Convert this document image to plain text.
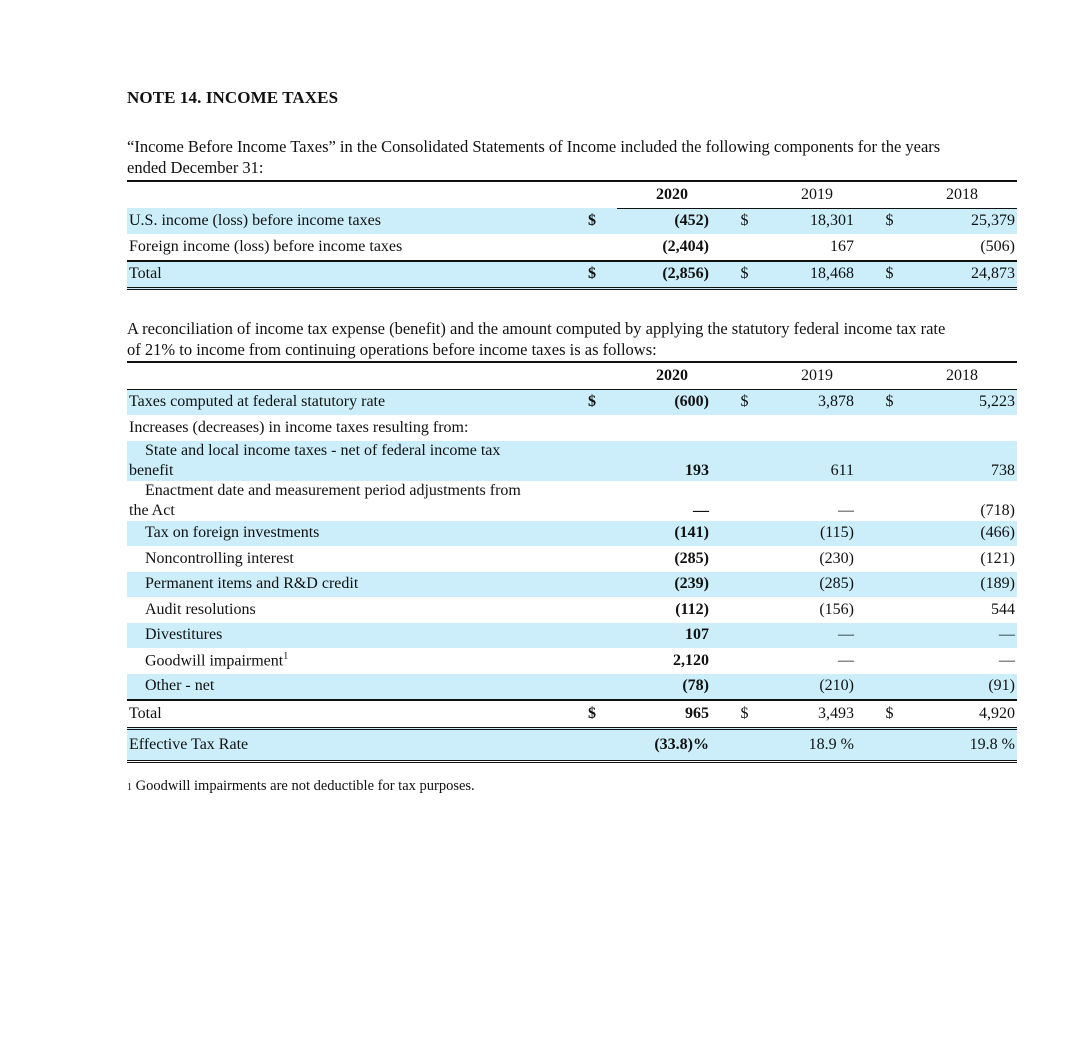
NOTE 14. INCOME TAXES
“Income Before Income Taxes” in the Consolidated Statements of Income included the following components for the years ended December 31:
		2020		2019		2018
U.S. income (loss) before income taxes	$	(452)	$	18,301	$	25,379
Foreign income (loss) before income taxes		(2,404)		167		(506)
Total	$	(2,856)	$	18,468	$	24,873
A reconciliation of income tax expense (benefit) and the amount computed by applying the statutory federal income tax rate of 21% to income from continuing operations before income taxes is as follows:
		2020		2019		2018
Taxes computed at federal statutory rate	$	(600)	$	3,878	$	5,223
Increases (decreases) in income taxes resulting from:						

State and local income taxes - net of federal income tax
benefit		193		611		738

Enactment date and measurement period adjustments from
the Act		—		—		(718)
Tax on foreign investments		(141)		(115)		(466)
Noncontrolling interest		(285)		(230)		(121)
Permanent items and R&D credit		(239)		(285)		(189)
Audit resolutions		(112)		(156)		544
Divestitures		107		—		—
Goodwill impairment$^1$		2,120		—		—
Other - net		(78)		(210)		(91)
Total	$	965	$	3,493	$	4,920
Effective Tax Rate		(33.8)%		18.9 %		19.8 %
1 Goodwill impairments are not deductible for tax purposes.
